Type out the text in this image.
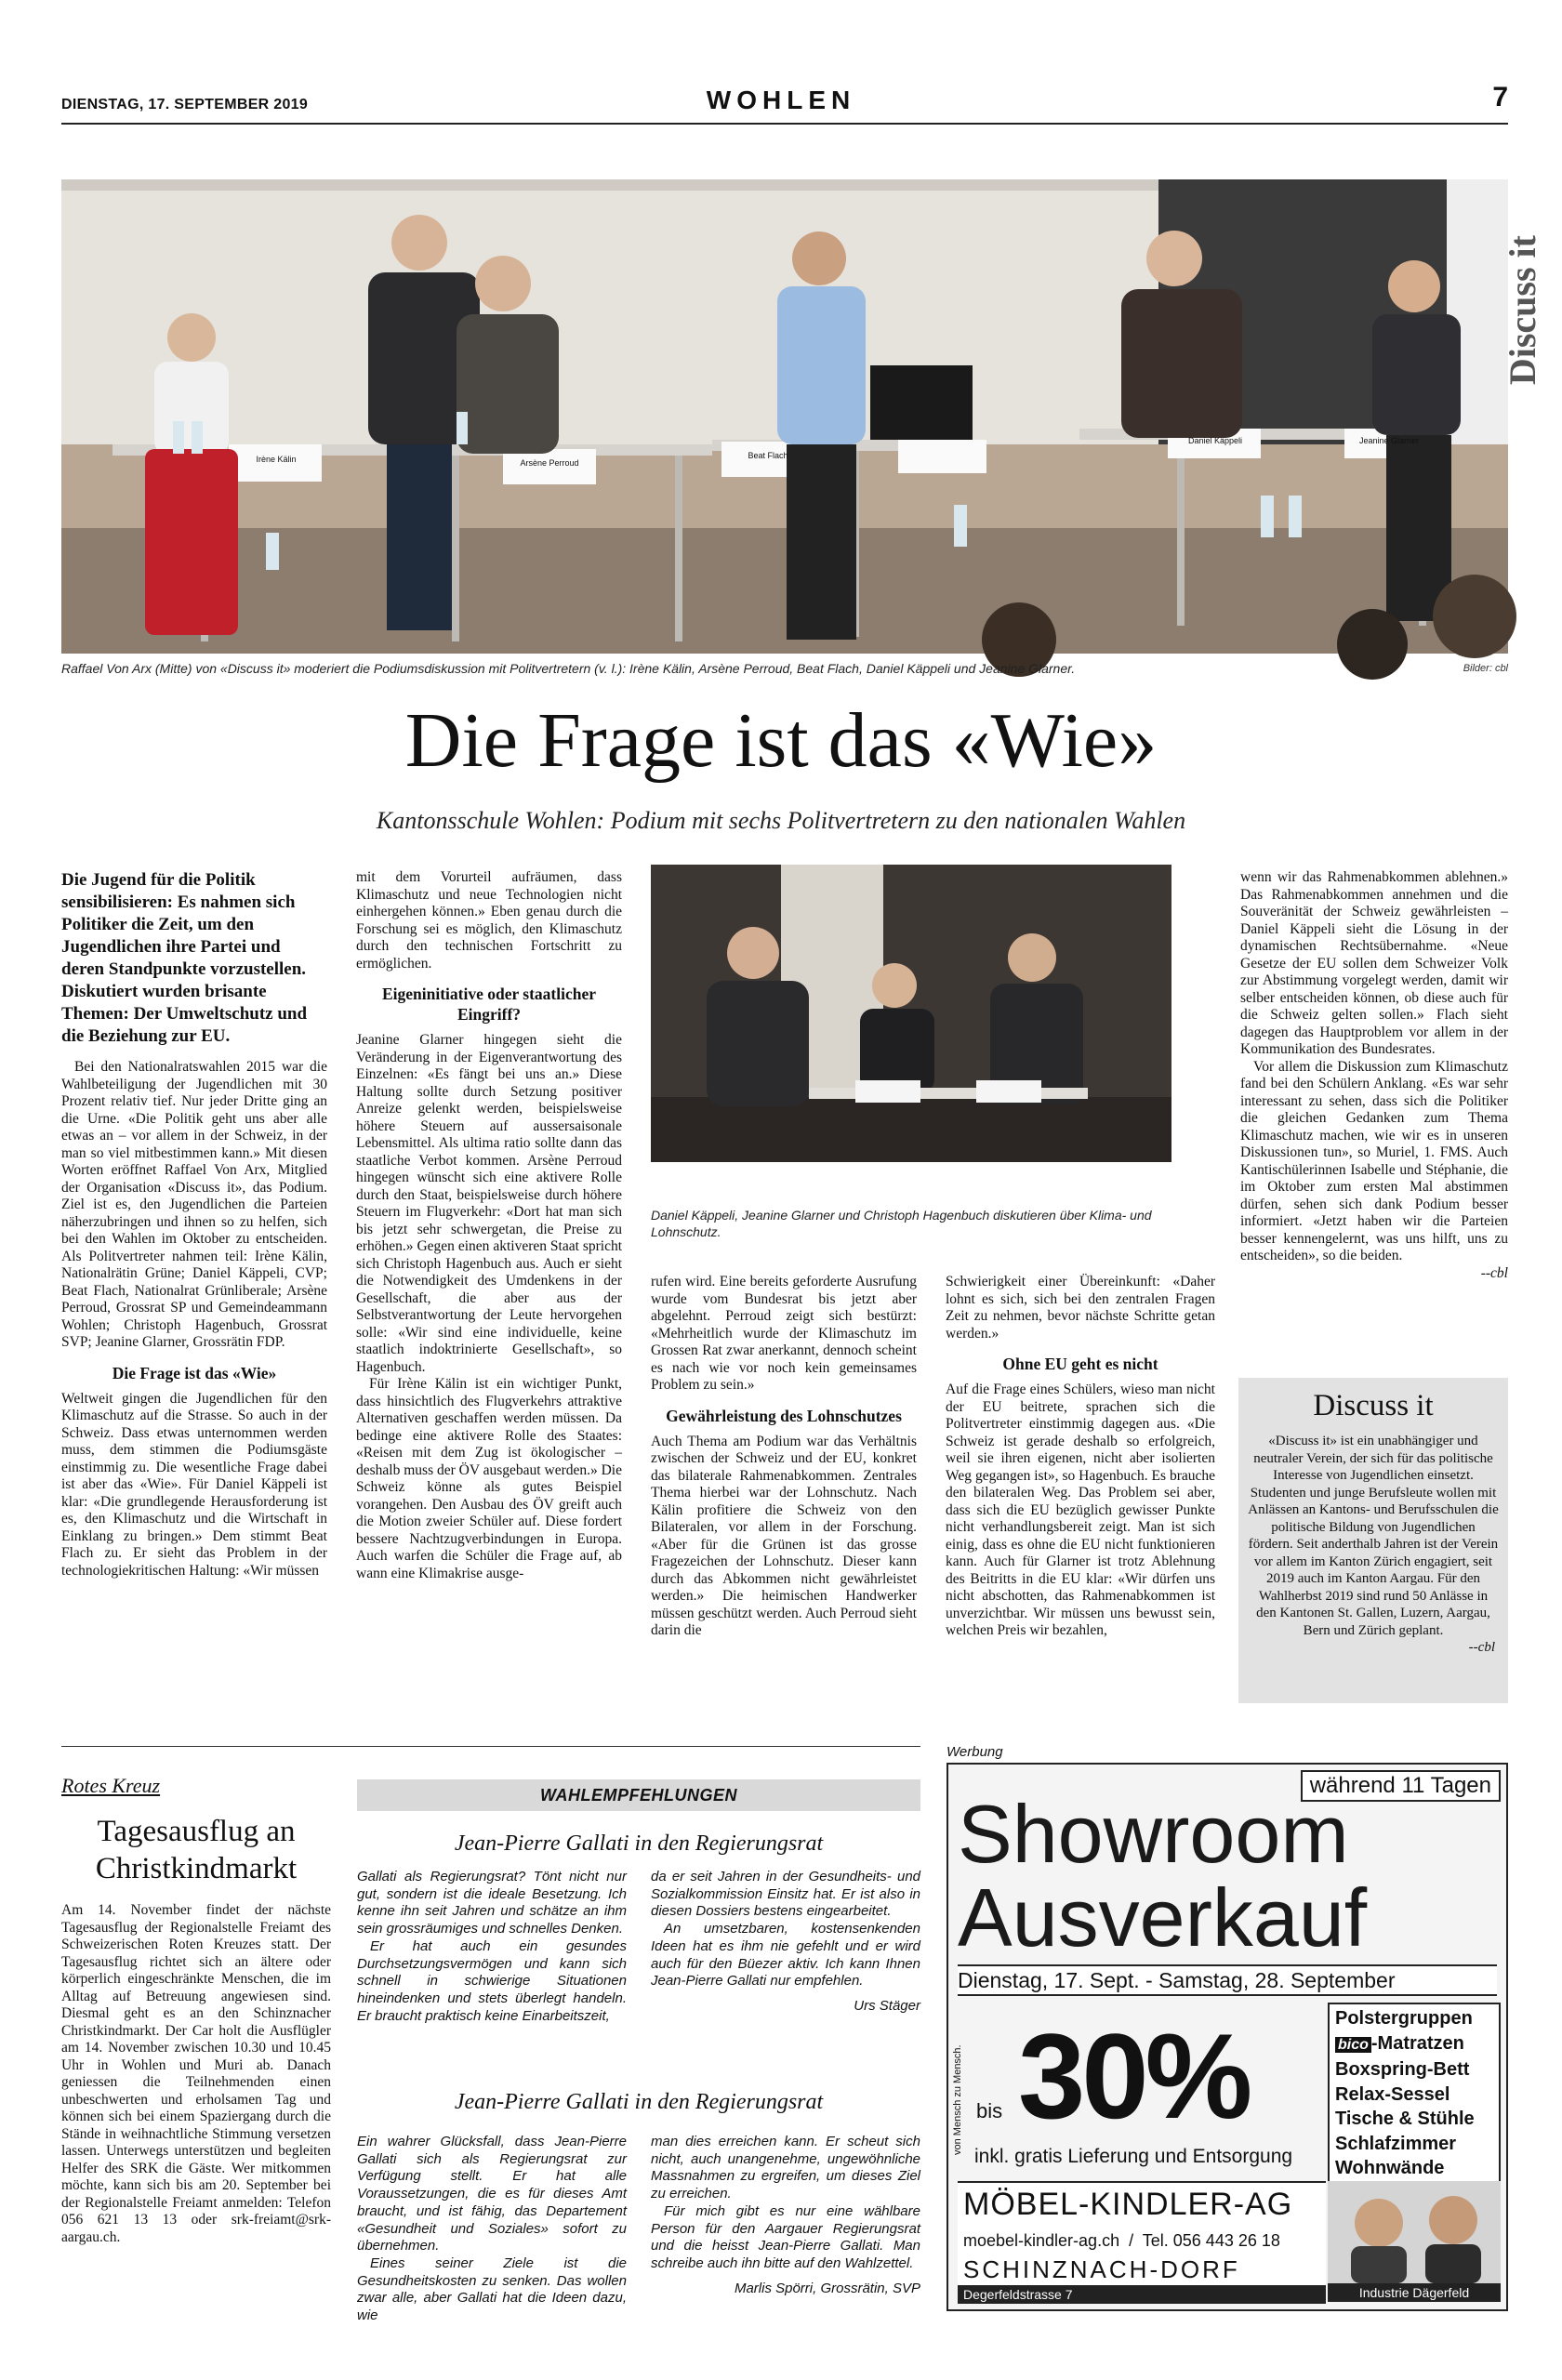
DIENSTAG, 17. SEPTEMBER 2019	WOHLEN	7
Discuss it
Irène Kälin	Arsène Perroud
Beat Flach
Daniel Käppeli	Jeanine Glarner
Raffael Von Arx (Mitte) von «Discuss it» moderiert die Podiumsdiskussion mit Politvertretern (v. l.): Irène Kälin, Arsène Perroud, Beat Flach, Daniel Käppeli und Jeanine Glarner.	Bilder: cbl
Die Frage ist das «Wie»
Kantonsschule Wohlen: Podium mit sechs Politvertretern zu den nationalen Wahlen
Die Jugend für die Politik sensibilisieren: Es nahmen sich Politiker die Zeit, um den Jugendlichen ihre Partei und deren Standpunkte vorzustellen. Diskutiert wurden brisante Themen: Der Umweltschutz und die Beziehung zur EU.

Bei den Nationalratswahlen 2015 war die Wahlbeteiligung der Jugendlichen mit 30 Prozent relativ tief. Nur jeder Dritte ging an die Urne. «Die Politik geht uns aber alle etwas an – vor allem in der Schweiz, in der man so viel mitbestimmen kann.» Mit diesen Worten eröffnet Raffael Von Arx, Mitglied der Organisation «Discuss it», das Podium. Ziel ist es, den Jugendlichen die Parteien näherzubringen und ihnen so zu helfen, sich bei den Wahlen im Oktober zu entscheiden. Als Politvertreter nahmen teil: Irène Kälin, Nationalrätin Grüne; Daniel Käppeli, CVP; Beat Flach, Nationalrat Grünliberale; Arsène Perroud, Grossrat SP und Gemeindeammann Wohlen; Christoph Hagenbuch, Grossrat SVP; Jeanine Glarner, Grossrätin FDP.

Die Frage ist das «Wie»

Weltweit gingen die Jugendlichen für den Klimaschutz auf die Strasse. So auch in der Schweiz. Dass etwas unternommen werden muss, dem stimmen die Podiumsgäste einstimmig zu. Die wesentliche Frage dabei ist aber das «Wie». Für Daniel Käppeli ist klar: «Die grundlegende Herausforderung ist es, den Klimaschutz und die Wirtschaft in Einklang zu bringen.» Dem stimmt Beat Flach zu. Er sieht das Problem in der technologiekritischen Haltung: «Wir müssen

mit dem Vorurteil aufräumen, dass Klimaschutz und neue Technologien nicht einhergehen können.» Eben genau durch die Forschung sei es möglich, den Klimaschutz durch den technischen Fortschritt zu ermöglichen.

Eigeninitiative oder staatlicher Eingriff?

Jeanine Glarner hingegen sieht die Veränderung in der Eigenverantwortung des Einzelnen: «Es fängt bei uns an.» Diese Haltung sollte durch Setzung positiver Anreize gelenkt werden, beispielsweise höhere Steuern auf aussersaisonale Lebensmittel. Als ultima ratio sollte dann das staatliche Verbot kommen. Arsène Perroud hingegen wünscht sich eine aktivere Rolle durch den Staat, beispielsweise durch höhere Steuern im Flugverkehr: «Dort hat man sich bis jetzt sehr schwergetan, die Preise zu erhöhen.» Gegen einen aktiveren Staat spricht sich Christoph Hagenbuch aus. Auch er sieht die Notwendigkeit des Umdenkens in der Gesellschaft, die aber aus der Selbstverantwortung der Leute hervorgehen solle: «Wir sind eine individuelle, keine staatlich indoktrinierte Gesellschaft», so Hagenbuch.

Für Irène Kälin ist ein wichtiger Punkt, dass hinsichtlich des Flugverkehrs attraktive Alternativen geschaffen werden müssen. Da bedinge eine aktivere Rolle des Staates: «Reisen mit dem Zug ist ökologischer – deshalb muss der ÖV ausgebaut werden.» Die Schweiz könne als gutes Beispiel vorangehen. Den Ausbau des ÖV greift auch die Motion zweier Schüler auf. Diese fordert bessere Nachtzugverbindungen in Europa. Auch warfen die Schüler die Frage auf, ab wann eine Klimakrise ausge-

Daniel Käppeli, Jeanine Glarner und Christoph Hagenbuch diskutieren über Klima- und Lohnschutz.

rufen wird. Eine bereits geforderte Ausrufung wurde vom Bundesrat bis jetzt aber abgelehnt. Perroud zeigt sich bestürzt: «Mehrheitlich wurde der Klimaschutz im Grossen Rat zwar anerkannt, dennoch scheint es nach wie vor noch kein gemeinsames Problem zu sein.»

Gewährleistung des Lohnschutzes

Auch Thema am Podium war das Verhältnis zwischen der Schweiz und der EU, konkret das bilaterale Rahmenabkommen. Zentrales Thema hierbei war der Lohnschutz. Nach Kälin profitiere die Schweiz von den Bilateralen, vor allem in der Forschung. «Aber für die Grünen ist das grosse Fragezeichen der Lohnschutz. Dieser kann durch das Abkommen nicht gewährleistet werden.» Die heimischen Handwerker müssen geschützt werden. Auch Perroud sieht darin die

Schwierigkeit einer Übereinkunft: «Daher lohnt es sich, sich bei den zentralen Fragen Zeit zu nehmen, bevor nächste Schritte getan werden.»

Ohne EU geht es nicht

Auf die Frage eines Schülers, wieso man nicht der EU beitrete, sprachen sich die Politvertreter einstimmig dagegen aus. «Die Schweiz ist gerade deshalb so erfolgreich, weil sie ihren eigenen, nicht aber isolierten Weg gegangen ist», so Hagenbuch. Es brauche den bilateralen Weg. Das Problem sei aber, dass sich die EU bezüglich gewisser Punkte nicht verhandlungsbereit zeigt. Man ist sich einig, dass es ohne die EU nicht funktionieren kann. Auch für Glarner ist trotz Ablehnung des Beitritts in die EU klar: «Wir dürfen uns nicht abschotten, das Rahmenabkommen ist unverzichtbar. Wir müssen uns bewusst sein, welchen Preis wir bezahlen,

wenn wir das Rahmenabkommen ablehnen.» Das Rahmenabkommen annehmen und die Souveränität der Schweiz gewährleisten – Daniel Käppeli sieht die Lösung in der dynamischen Rechtsübernahme. «Neue Gesetze der EU sollen dem Schweizer Volk zur Abstimmung vorgelegt werden, damit wir selber entscheiden können, ob diese auch für die Schweiz gelten sollen.» Flach sieht dagegen das Hauptproblem vor allem in der Kommunikation des Bundesrates.

Vor allem die Diskussion zum Klimaschutz fand bei den Schülern Anklang. «Es war sehr interessant zu sehen, dass sich die Politiker die gleichen Gedanken zum Thema Klimaschutz machen, wie wir es in unseren Diskussionen tun», so Muriel, 1. FMS. Auch Kantischülerinnen Isabelle und Stéphanie, die im Oktober zum ersten Mal abstimmen dürfen, sehen sich dank Podium besser informiert. «Jetzt haben wir die Parteien besser kennengelernt, was uns hilft, uns zu entscheiden», so die beiden.

--cbl
Discuss it
«Discuss it» ist ein unabhängiger und neutraler Verein, der sich für das politische Interesse von Jugendlichen einsetzt. Studenten und junge Berufsleute wollen mit Anlässen an Kantons- und Berufsschulen die politische Bildung von Jugendlichen fördern. Seit anderthalb Jahren ist der Verein vor allem im Kanton Zürich engagiert, seit 2019 auch im Kanton Aargau. Für den Wahlherbst 2019 sind rund 50 Anlässe in den Kantonen St. Gallen, Luzern, Aargau, Bern und Zürich geplant.
--cbl
Rotes Kreuz
Tagesausflug an Christkindmarkt

Am 14. November findet der nächste Tagesausflug der Regionalstelle Freiamt des Schweizerischen Roten Kreuzes statt. Der Tagesausflug richtet sich an ältere oder körperlich eingeschränkte Menschen, die im Alltag auf Betreuung angewiesen sind. Diesmal geht es an den Schinznacher Christkindmarkt. Der Car holt die Ausflügler am 14. November zwischen 10.30 und 10.45 Uhr in Wohlen und Muri ab. Danach geniessen die Teilnehmenden einen unbeschwerten und erholsamen Tag und können sich bei einem Spaziergang durch die Stände in weihnachtliche Stimmung versetzen lassen. Unterwegs unterstützen und begleiten Helfer des SRK die Gäste. Wer mitkommen möchte, kann sich bis am 20. September bei der Regionalstelle Freiamt anmelden: Telefon 056 621 13 13 oder srk-freiamt@srk-aargau.ch.

WAHLEMPFEHLUNGEN
Jean-Pierre Gallati in den Regierungsrat

Gallati als Regierungsrat? Tönt nicht nur gut, sondern ist die ideale Besetzung. Ich kenne ihn seit Jahren und schätze an ihm sein grossräumiges und schnelles Denken.

Er hat auch ein gesundes Durchsetzungsvermögen und kann sich schnell in schwierige Situationen hineindenken und stets überlegt handeln. Er braucht praktisch keine Einarbeitszeit,

da er seit Jahren in der Gesundheits- und Sozialkommission Einsitz hat. Er ist also in diesen Dossiers bestens eingearbeitet.

An umsetzbaren, kostensenkenden Ideen hat es ihm nie gefehlt und er wird auch für den Büezer aktiv. Ich kann Ihnen Jean-Pierre Gallati nur empfehlen.

Urs Stäger
Jean-Pierre Gallati in den Regierungsrat

Ein wahrer Glücksfall, dass Jean-Pierre Gallati sich als Regierungsrat zur Verfügung stellt. Er hat alle Voraussetzungen, die es für dieses Amt braucht, und ist fähig, das Departement «Gesundheit und Soziales» sofort zu übernehmen.

Eines seiner Ziele ist die Gesundheitskosten zu senken. Das wollen zwar alle, aber Gallati hat die Ideen dazu, wie

man dies erreichen kann. Er scheut sich nicht, auch unangenehme, ungewöhnliche Massnahmen zu ergreifen, um dieses Ziel zu erreichen.

Für mich gibt es nur eine wählbare Person für den Aargauer Regierungsrat und die heisst Jean-Pierre Gallati. Man schreibe auch ihn bitte auf den Wahlzettel.

Marlis Spörri, Grossrätin, SVP
Werbung
während 11 Tagen
Showroom
Ausverkauf
Dienstag, 17. Sept. - Samstag, 28. September
von Mensch zu Mensch. bis 30%
inkl. gratis Lieferung und Entsorgung
Polstergruppen
bico -Matratzen
Boxspring-Bett
Relax-Sessel
Tische & Stühle
Schlafzimmer
Wohnwände
MÖBEL-KINDLER-AG
moebel-kindler-ag.ch  /  Tel. 056 443 26 18
SCHINZNACH-DORF
Degerfeldstrasse 7	Industrie Dägerfeld
